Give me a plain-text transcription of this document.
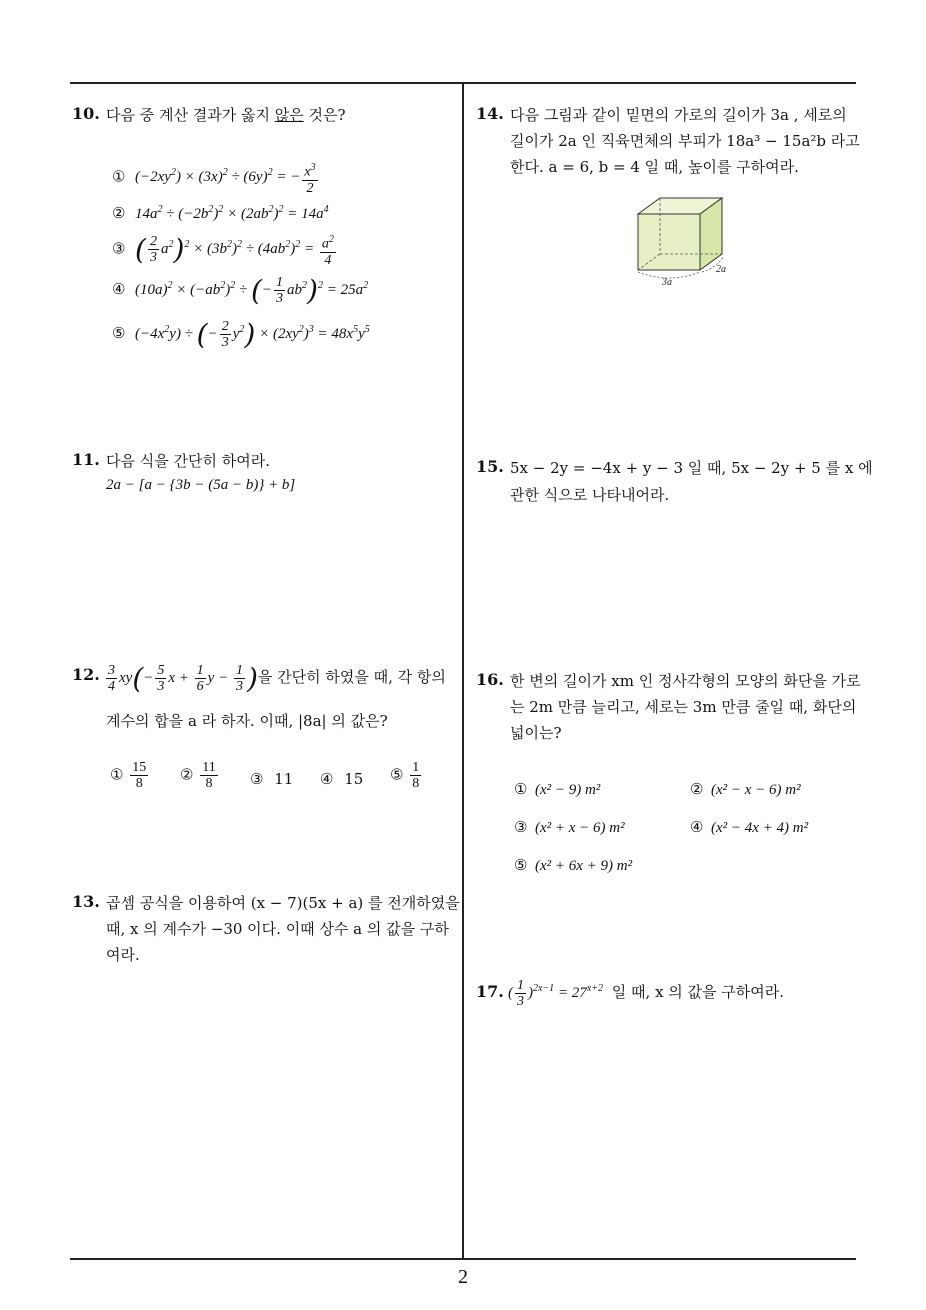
10. 다음 중 계산 결과가 옳지 않은 것은?
① $(-2xy^2) \times (3x)^2 \div (6y)^2$ = − $\frac{x^3}{2}$
② $14a^2 \div (-2b^2)^2 \times (2ab^2)^2 = 14a^4$
③ ( $\frac{2}{3} a^2)^2 \times (3b^2)^2 \div (4ab^2)^2 = \frac{a^2}{4}$
④ $(10a)^2 \times (-ab^2)^2$ ÷ (− $\frac{1}{3} ab^2)^2 = 25a^2$
⑤ $(-4x^2y)$ ÷ (− $\frac{2}{3} y^2) \times (2xy^2)^3 = 48x^5y^5$
11. 다음 식을 간단히 하여라.
2a − [a − {3b − (5a − b)} + b]
12. $\frac{3}{4} xy(- \frac{5}{3}$ $x + \frac{1}{6}$ $y - \frac{1}{3}$ )을 간단히 하였을 때, 각 항의
계수의 합을 a 라 하자. 이때, |8a| 의 값은?
① $\frac{15}{8}$ ② $\frac{11}{8}$ ③ 11 ④ 15 ⑤ $\frac{1}{8}$
13. 곱셈 공식을 이용하여 (x − 7)(5x + a) 를 전개하였을
때, x 의 계수가 −30 이다. 이때 상수 a 의 값을 구하
여라.
14. 다음 그림과 같이 밑면의 가로의 길이가 3a , 세로의
길이가 2a 인 직육면체의 부피가 18a³ − 15a²b 라고
한다. a = 6, b = 4 일 때, 높이를 구하여라.
3a
2a
15. 5x − 2y = −4x + y − 3 일 때, 5x − 2y + 5 를 x 에
관한 식으로 나타내어라.
16. 한 변의 길이가 xm 인 정사각형의 모양의 화단을 가로
는 2m 만큼 늘리고, 세로는 3m 만큼 줄일 때, 화단의
넓이는?
① (x² − 9) m²	② (x² − x − 6) m²
③ (x² + x − 6) m²	④ (x² − 4x + 4) m²
⑤ (x² + 6x + 9) m²
17. ( $\frac{1}{3} )^{2x-1} = 27^{x+2}$ 일 때, x 의 값을 구하여라.
2
